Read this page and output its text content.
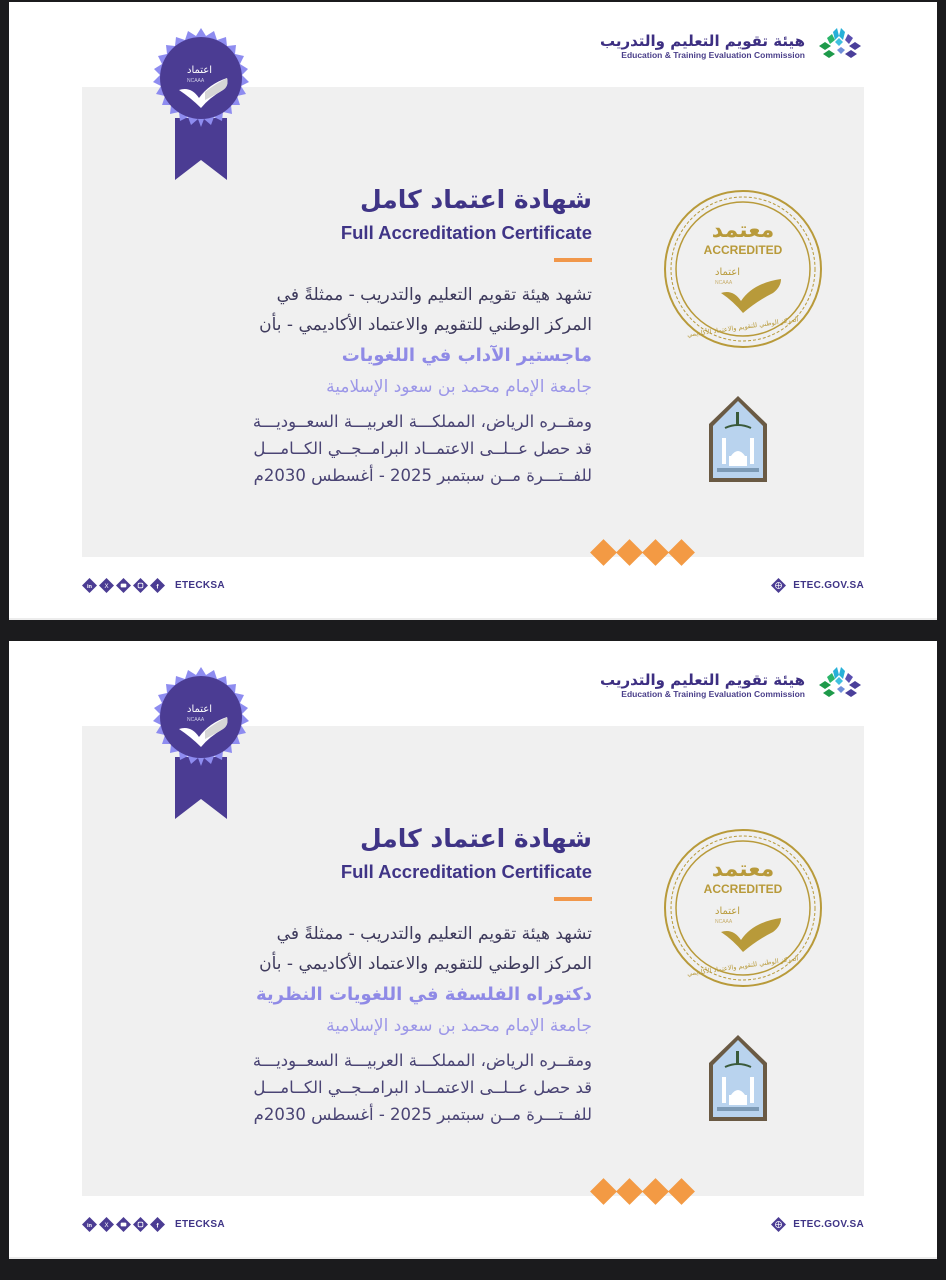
هيئة تقويم التعليم والتدريب
Education & Training Evaluation Commission
اعتماد
NCAAA
شهادة اعتماد كامل
Full Accreditation Certificate
تشهد هيئة تقويم التعليم والتدريب - ممثلةً في
المركز الوطني للتقويم والاعتماد الأكاديمي - بأن
ماجستير الآداب في اللغويات
جامعة الإمام محمد بن سعود الإسلامية
ومقــره الرياض، المملكـــة العربيـــة السعــوديـــة
قد حصل عــلــى الاعتمــاد البرامــجــي الكــامـــل
للفــتـــرة مــن سبتمبر 2025 - أغسطس 2030م
معتمد
ACCREDITED
اعتماد
NCAAA
المركز الوطني للتقويم والاعتماد الأكاديمي
in X	f ETECKSA	ETEC.GOV.SA
هيئة تقويم التعليم والتدريب
Education & Training Evaluation Commission
اعتماد
NCAAA
شهادة اعتماد كامل
Full Accreditation Certificate
تشهد هيئة تقويم التعليم والتدريب - ممثلةً في
المركز الوطني للتقويم والاعتماد الأكاديمي - بأن
دكتوراه الفلسفة في اللغويات النظرية
جامعة الإمام محمد بن سعود الإسلامية
ومقــره الرياض، المملكـــة العربيـــة السعــوديـــة
قد حصل عــلــى الاعتمــاد البرامــجــي الكــامـــل
للفــتـــرة مــن سبتمبر 2025 - أغسطس 2030م
معتمد
ACCREDITED
اعتماد
NCAAA
المركز الوطني للتقويم والاعتماد الأكاديمي
in X	f ETECKSA	ETEC.GOV.SA
